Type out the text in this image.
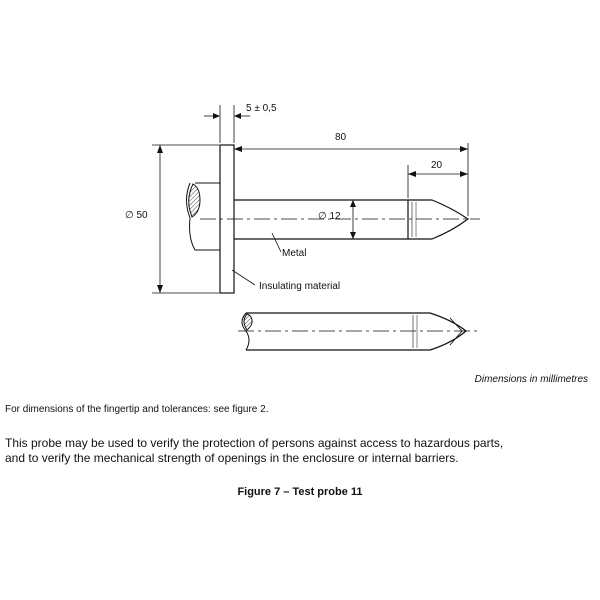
5 ± 0,5
80
20
∅ 50	∅ 12
Metal
Insulating material
Dimensions in millimetres
For dimensions of the fingertip and tolerances: see figure 2.
This probe may be used to verify the protection of persons against access to hazardous parts,
and to verify the mechanical strength of openings in the enclosure or internal barriers.
Figure 7 – Test probe 11
